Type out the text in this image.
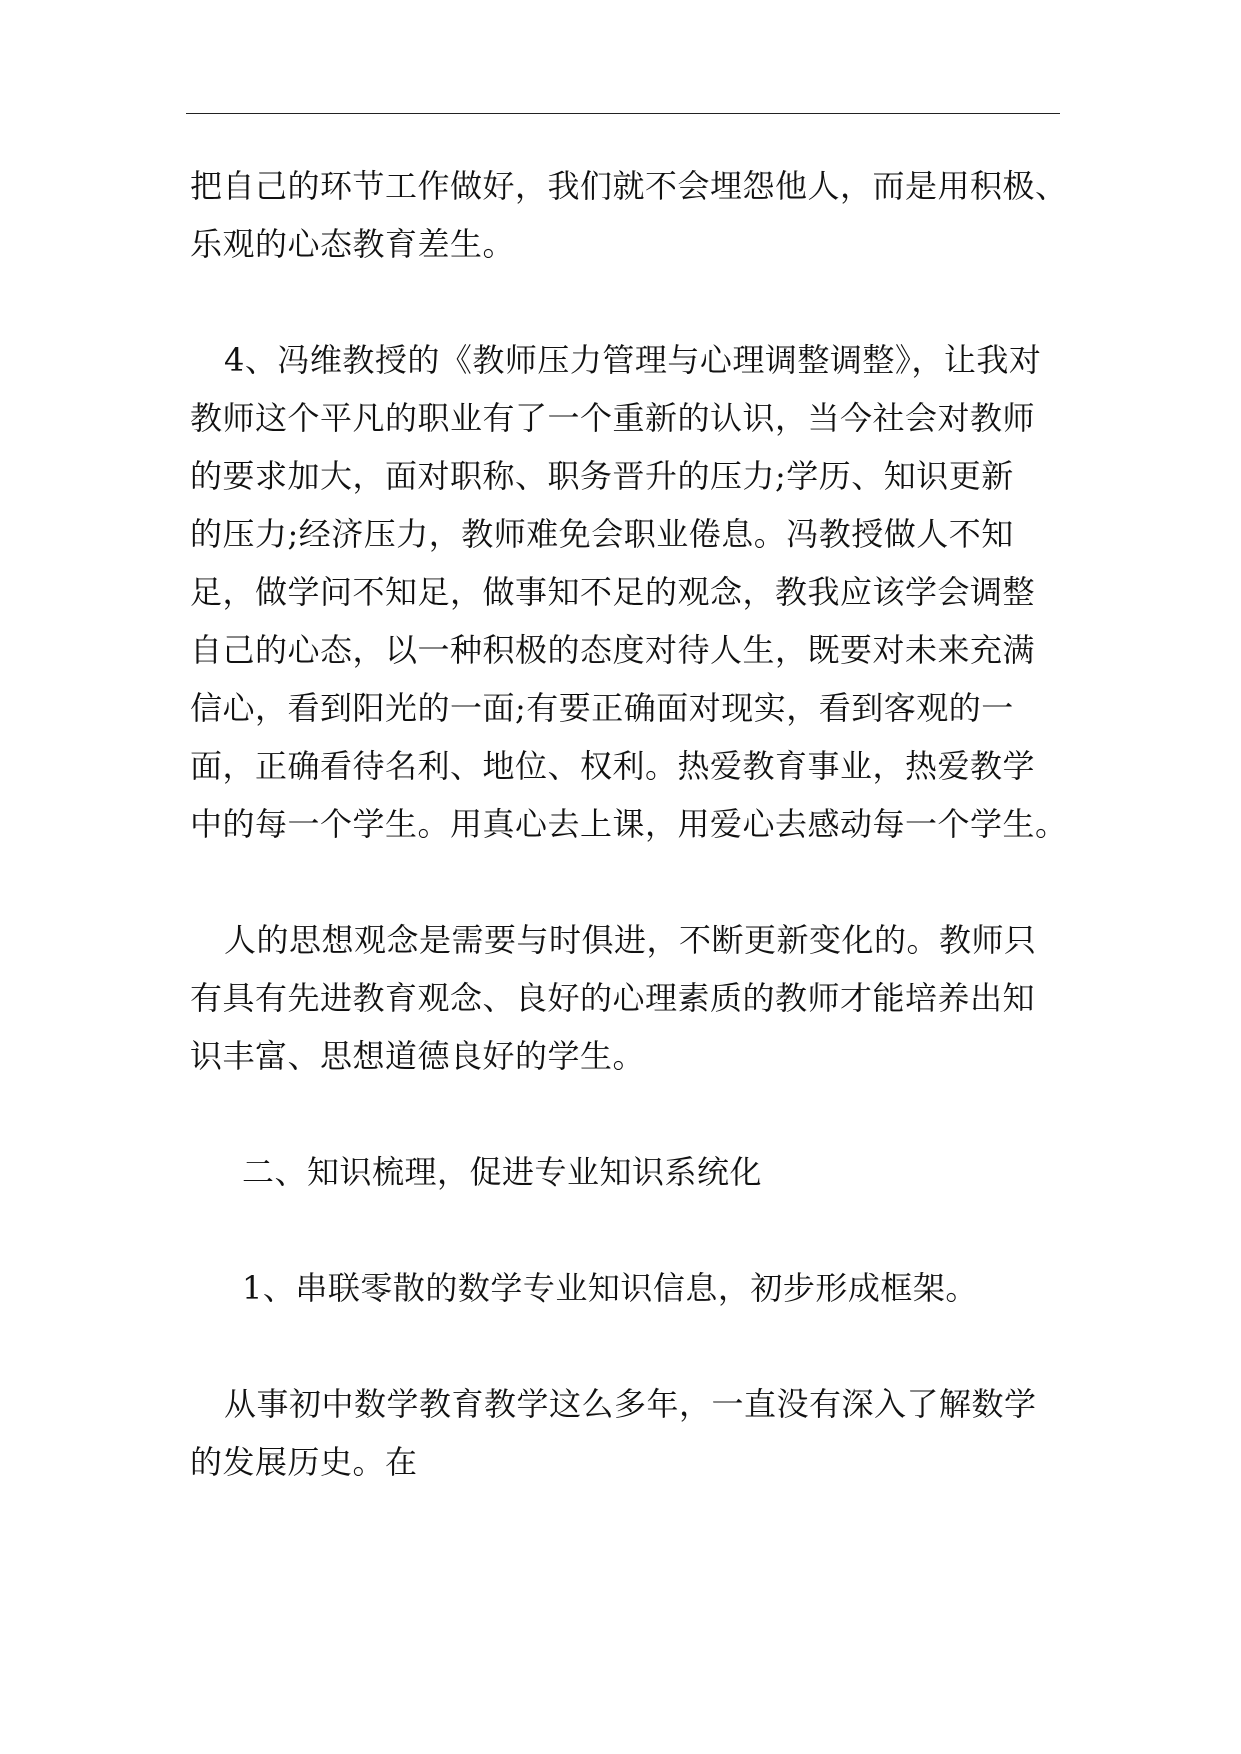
把自己的环节工作做好，我们就不会埋怨他人，而是用积极、
乐观的心态教育差生。
4、冯维教授的《教师压力管理与心理调整调整》，让我对
教师这个平凡的职业有了一个重新的认识，当今社会对教师
的要求加大，面对职称、职务晋升的压力;学历、知识更新
的压力;经济压力，教师难免会职业倦息。冯教授做人不知
足，做学问不知足，做事知不足的观念，教我应该学会调整
自己的心态，以一种积极的态度对待人生，既要对未来充满
信心，看到阳光的一面;有要正确面对现实，看到客观的一
面，正确看待名利、地位、权利。热爱教育事业，热爱教学
中的每一个学生。用真心去上课，用爱心去感动每一个学生。
人的思想观念是需要与时俱进，不断更新变化的。教师只
有具有先进教育观念、良好的心理素质的教师才能培养出知
识丰富、思想道德良好的学生。
二、知识梳理，促进专业知识系统化
1、串联零散的数学专业知识信息，初步形成框架。
从事初中数学教育教学这么多年，一直没有深入了解数学
的发展历史。在
